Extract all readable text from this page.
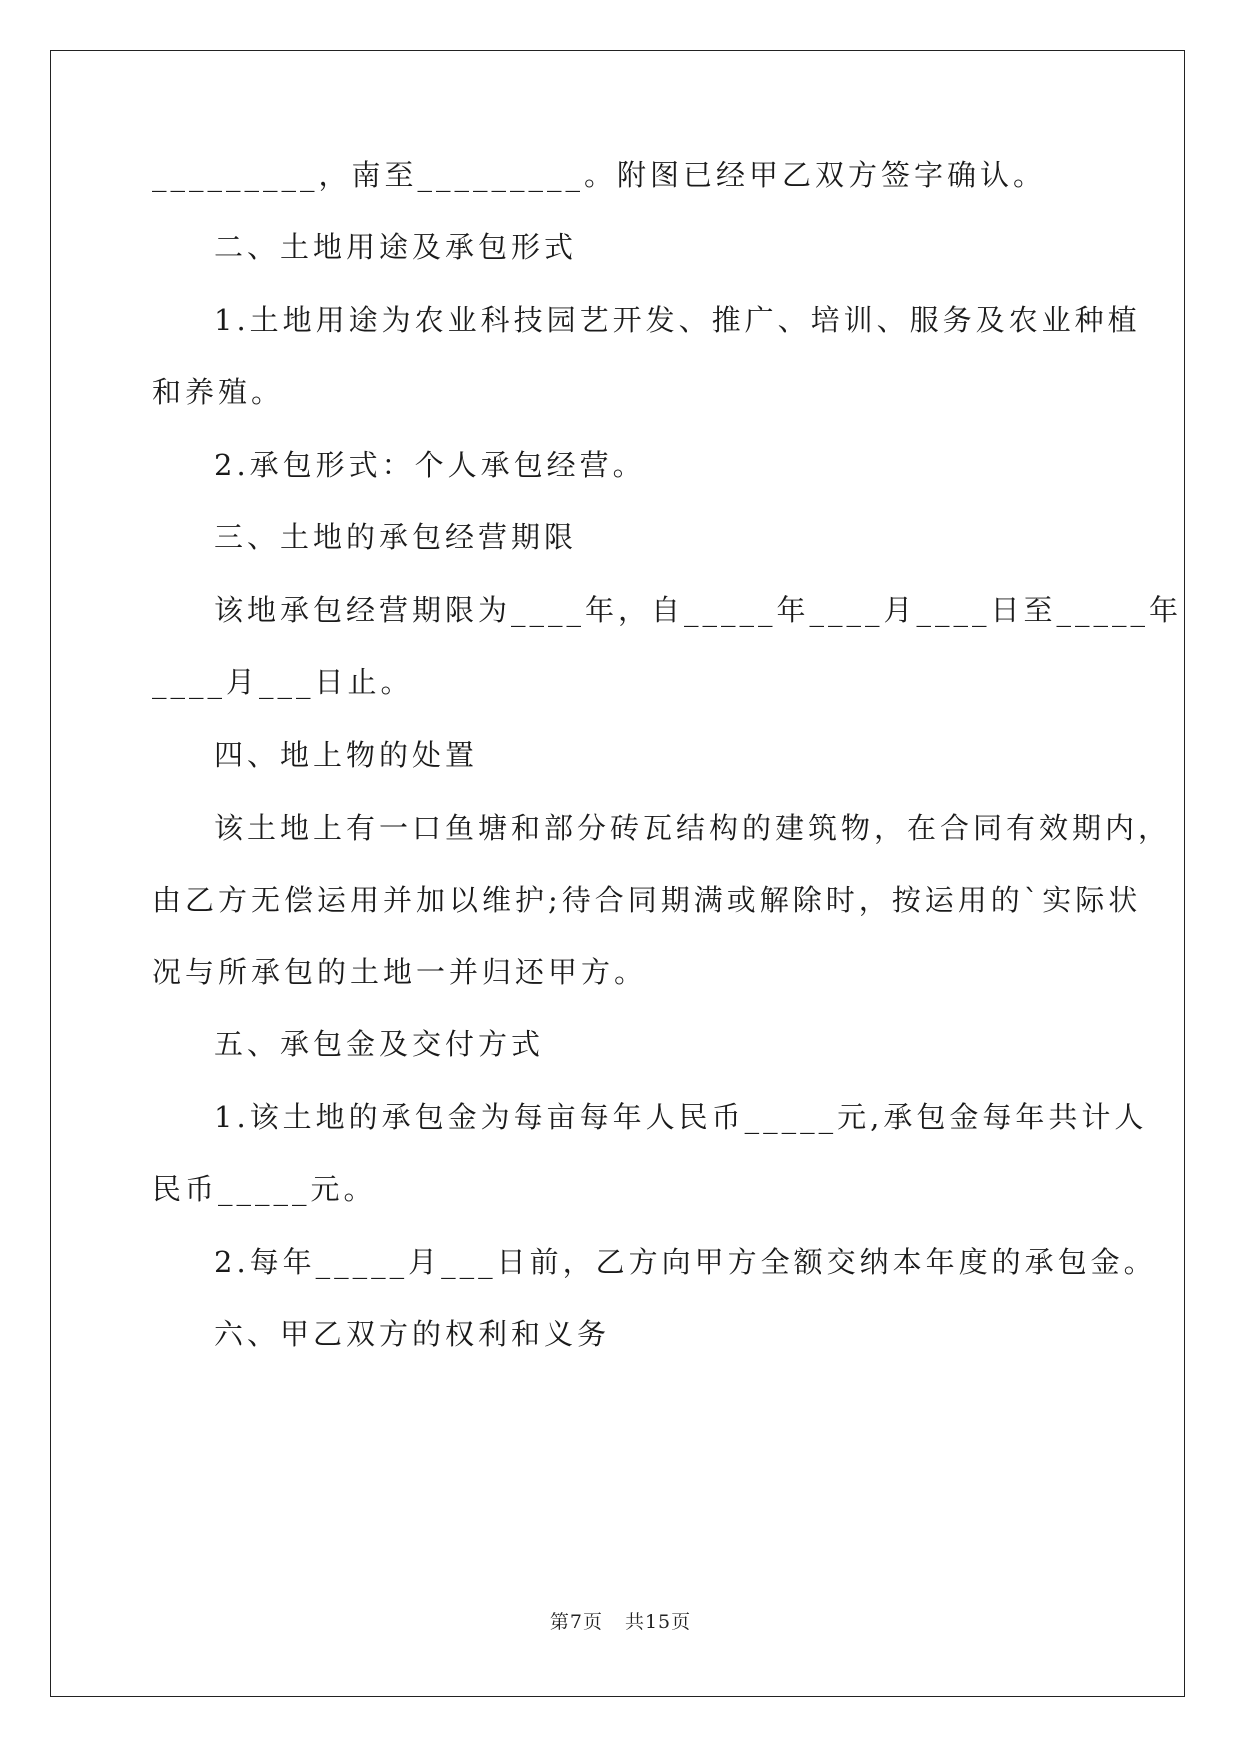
_________，南至_________。附图已经甲乙双方签字确认。
二、土地用途及承包形式
1.土地用途为农业科技园艺开发、推广、培训、服务及农业种植
和养殖。
2.承包形式：个人承包经营。
三、土地的承包经营期限
该地承包经营期限为____年，自_____年____月____日至_____年
____月___日止。
四、地上物的处置
该土地上有一口鱼塘和部分砖瓦结构的建筑物，在合同有效期内，
由乙方无偿运用并加以维护;待合同期满或解除时，按运用的`实际状
况与所承包的土地一并归还甲方。
五、承包金及交付方式
1.该土地的承包金为每亩每年人民币_____元,承包金每年共计人
民币_____元。
2.每年_____月___日前，乙方向甲方全额交纳本年度的承包金。
六、甲乙双方的权利和义务
第7页 共15页
